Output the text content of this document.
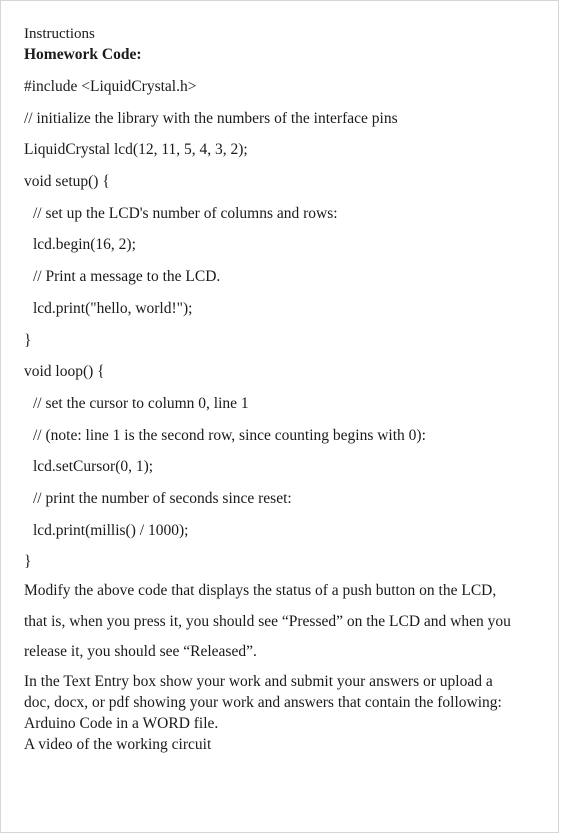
Instructions
Homework Code:
#include <LiquidCrystal.h>
// initialize the library with the numbers of the interface pins
LiquidCrystal lcd(12, 11, 5, 4, 3, 2);
void setup() {
// set up the LCD's number of columns and rows:
lcd.begin(16, 2);
// Print a message to the LCD.
lcd.print("hello, world!");
}
void loop() {
// set the cursor to column 0, line 1
// (note: line 1 is the second row, since counting begins with 0):
lcd.setCursor(0, 1);
// print the number of seconds since reset:
lcd.print(millis() / 1000);
}
Modify the above code that displays the status of a push button on the LCD,
that is, when you press it, you should see “Pressed” on the LCD and when you
release it, you should see “Released”.
In the Text Entry box show your work and submit your answers or upload a
doc, docx, or pdf showing your work and answers that contain the following:
Arduino Code in a WORD file.
A video of the working circuit
